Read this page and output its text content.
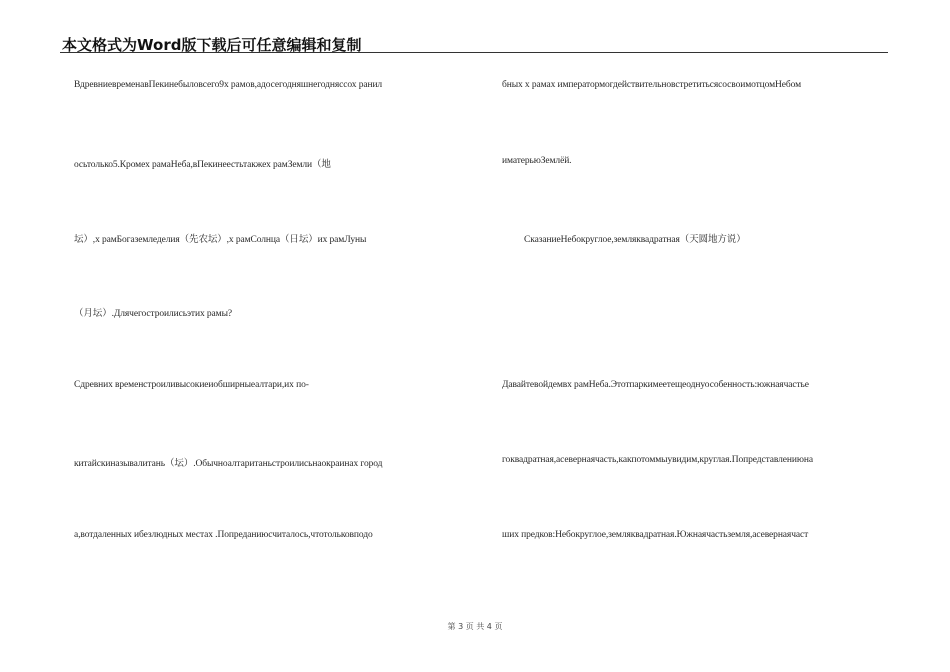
本文格式为Word版下载后可任意编辑和复制
ВдревниевременавПекинебыловсего9х рамов,адосегодняшнегодняссох ранил
осьтолько5.Кромех рамаНеба,вПекинеестьтакжех рамЗемли（地
坛）,х рамБогаземледелия（先农坛）,х рамСолнца（日坛）их рамЛуны
（月坛）.Длячегостроилисьэтих рамы?
Сдревних временстроиливысокиеиобширныеалтари,их по-
китайскиназывалитань（坛）.Обычноалтаританьстроилисьнаокраинах город
а,вотдаленных ибезлюдных местах .Попреданиюсчиталось,чтотольковподо
бных х рамах императормогдействительновстретитьсясосвоимотцомНебом
иматерьюЗемлёй.
СказаниеНебокруглое,земляквадратная（天圆地方说）
Давайтевойдемвх рамНеба.Этотпаркимеетещеоднуособенность:южнаячастье
гоквадратная,асевернаячасть,какпотоммыувидим,круглая.Попредставлениюна
ших предков:Небокруглое,земляквадратная.Южнаячастьземля,асевернаячаст
第 3 页 共 4 页
